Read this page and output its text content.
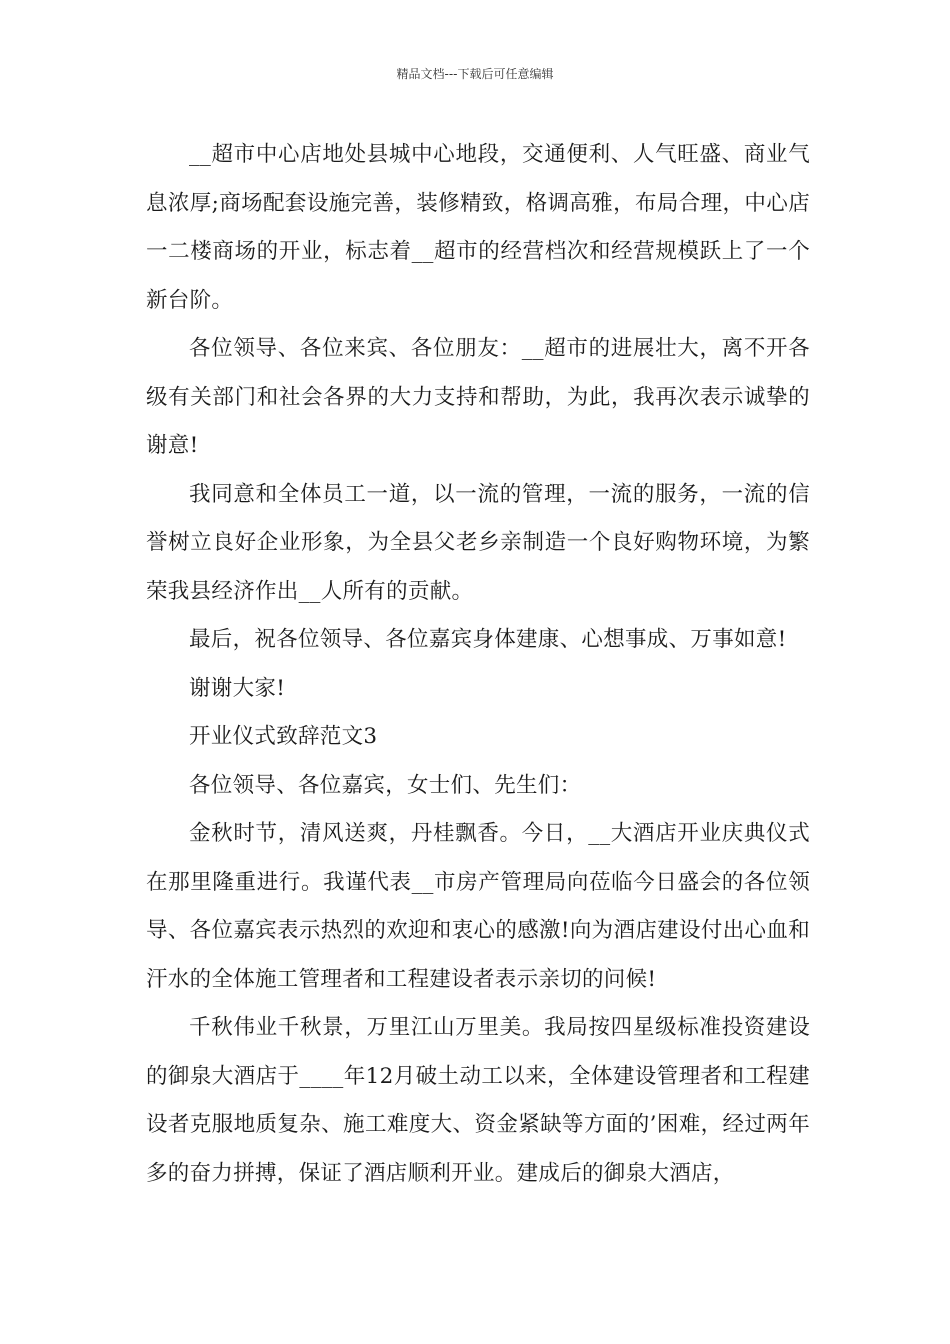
精品文档---下载后可任意编辑

__超市中心店地处县城中心地段，交通便利、人气旺盛、商业气息浓厚;商场配套设施完善，装修精致，格调高雅，布局合理，中心店一二楼商场的开业，标志着__超市的经营档次和经营规模跃上了一个新台阶。

各位领导、各位来宾、各位朋友：__超市的进展壮大，离不开各级有关部门和社会各界的大力支持和帮助，为此，我再次表示诚挚的谢意!

我同意和全体员工一道，以一流的管理，一流的服务，一流的信誉树立良好企业形象，为全县父老乡亲制造一个良好购物环境，为繁荣我县经济作出__人所有的贡献。

最后，祝各位领导、各位嘉宾身体建康、心想事成、万事如意!

谢谢大家!

开业仪式致辞范文3

各位领导、各位嘉宾，女士们、先生们：

金秋时节，清风送爽，丹桂飘香。今日，__大酒店开业庆典仪式在那里隆重进行。我谨代表__市房产管理局向莅临今日盛会的各位领导、各位嘉宾表示热烈的欢迎和衷心的感激!向为酒店建设付出心血和汗水的全体施工管理者和工程建设者表示亲切的问候!

千秋伟业千秋景，万里江山万里美。我局按四星级标准投资建设的御泉大酒店于____年12月破土动工以来，全体建设管理者和工程建设者克服地质复杂、施工难度大、资金紧缺等方面的’困难，经过两年多的奋力拼搏，保证了酒店顺利开业。建成后的御泉大酒店，
